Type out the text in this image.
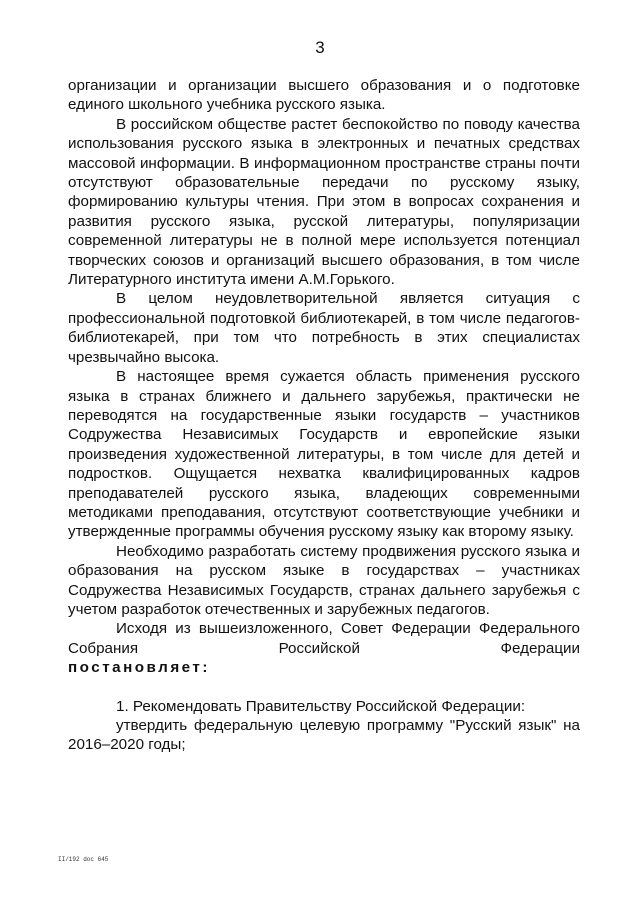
3

организации и организации высшего образования и о подготовке единого школьного учебника русского языка.

В российском обществе растет беспокойство по поводу качества использования русского языка в электронных и печатных средствах массовой информации. В информационном пространстве страны почти отсутствуют образовательные передачи по русскому языку, формированию культуры чтения. При этом в вопросах сохранения и развития русского языка, русской литературы, популяризации современной литературы не в полной мере используется потенциал творческих союзов и организаций высшего образования, в том числе Литературного института имени А.М.Горького.

В целом неудовлетворительной является ситуация с профессиональной подготовкой библиотекарей, в том числе педагогов-библиотекарей, при том что потребность в этих специалистах чрезвычайно высока.

В настоящее время сужается область применения русского языка в странах ближнего и дальнего зарубежья, практически не переводятся на государственные языки государств – участников Содружества Независимых Государств и европейские языки произведения художественной литературы, в том числе для детей и подростков. Ощущается нехватка квалифицированных кадров преподавателей русского языка, владеющих современными методиками преподавания, отсутствуют соответствующие учебники и утвержденные программы обучения русскому языку как второму языку.

Необходимо разработать систему продвижения русского языка и образования на русском языке в государствах – участниках Содружества Независимых Государств, странах дальнего зарубежья с учетом разработок отечественных и зарубежных педагогов.

Исходя из вышеизложенного, Совет Федерации Федерального Собрания Российской Федерации

постановляет:

1. Рекомендовать Правительству Российской Федерации:

утвердить федеральную целевую программу "Русский язык" на 2016–2020 годы;

II/192 doc 645
